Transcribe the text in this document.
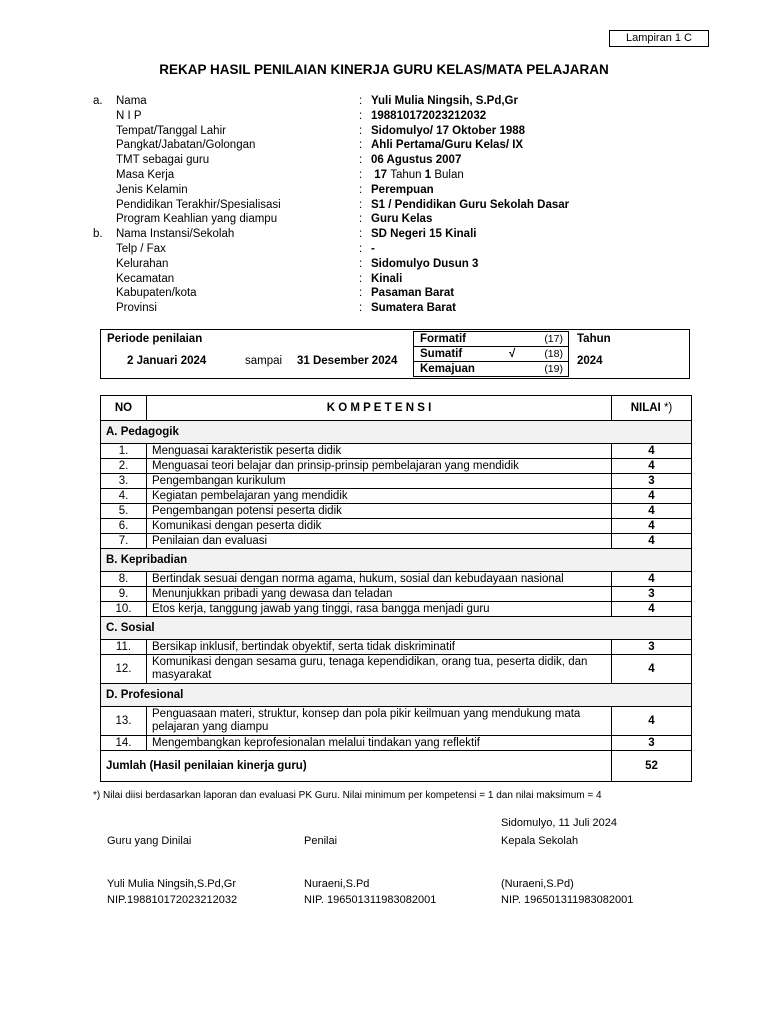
Lampiran 1 C
REKAP HASIL PENILAIAN KINERJA GURU KELAS/MATA PELAJARAN
a. Nama	: Yuli Mulia Ningsih, S.Pd,Gr
N I P	: 198810172023212032
Tempat/Tanggal Lahir	: Sidomulyo/ 17 Oktober 1988
Pangkat/Jabatan/Golongan	: Ahli Pertama/Guru Kelas/ IX
TMT sebagai guru	: 06 Agustus 2007
Masa Kerja	: 17 Tahun 1 Bulan
Jenis Kelamin	: Perempuan
Pendidikan Terakhir/Spesialisasi	: S1 / Pendidikan Guru Sekolah Dasar
Program Keahlian yang diampu	: Guru Kelas
b. Nama Instansi/Sekolah	: SD Negeri 15 Kinali
Telp / Fax	: -
Kelurahan	: Sidomulyo Dusun 3
Kecamatan	: Kinali
Kabupaten/kota	: Pasaman Barat
Provinsi	: Sumatera Barat
Periode penilaian
2 Januari 2024	sampai 31 Desember 2024
Formatif	(17)
Sumatif	√	(18)
Kemajuan	(19)
Tahun
2024
NO	K O M P E T E N S I	NILAI *)
A. Pedagogik		
1.	Menguasai karakteristik peserta didik	4
2.	Menguasai teori belajar dan prinsip-prinsip pembelajaran yang mendidik	4
3.	Pengembangan kurikulum	3
4.	Kegiatan pembelajaran yang mendidik	4
5.	Pengembangan potensi peserta didik	4
6.	Komunikasi dengan peserta didik	4
7.	Penilaian dan evaluasi	4
B. Kepribadian		
8.	Bertindak sesuai dengan norma agama, hukum, sosial dan kebudayaan nasional	4
9.	Menunjukkan pribadi yang dewasa dan teladan	3
10.	Etos kerja, tanggung jawab yang tinggi, rasa bangga menjadi guru	4
C. Sosial		
11.	Bersikap inklusif, bertindak obyektif, serta tidak diskriminatif	3
12.	Komunikasi dengan sesama guru, tenaga kependidikan, orang tua, peserta didik, dan masyarakat	4
D. Profesional		
13.	Penguasaan materi, struktur, konsep dan pola pikir keilmuan yang mendukung mata pelajaran yang diampu	4
14.	Mengembangkan keprofesionalan melalui tindakan yang reflektif	3
Jumlah (Hasil penilaian kinerja guru)		52
*) Nilai diisi berdasarkan laporan dan evaluasi PK Guru. Nilai minimum per kompetensi = 1 dan nilai maksimum = 4
Sidomulyo, 11 Juli 2024
Guru yang Dinilai	Penilai	Kepala Sekolah
Yuli Mulia Ningsih,S.Pd,Gr	Nuraeni,S.Pd	(Nuraeni,S.Pd)
NIP.198810172023212032	NIP. 196501311983082001	NIP. 196501311983082001
